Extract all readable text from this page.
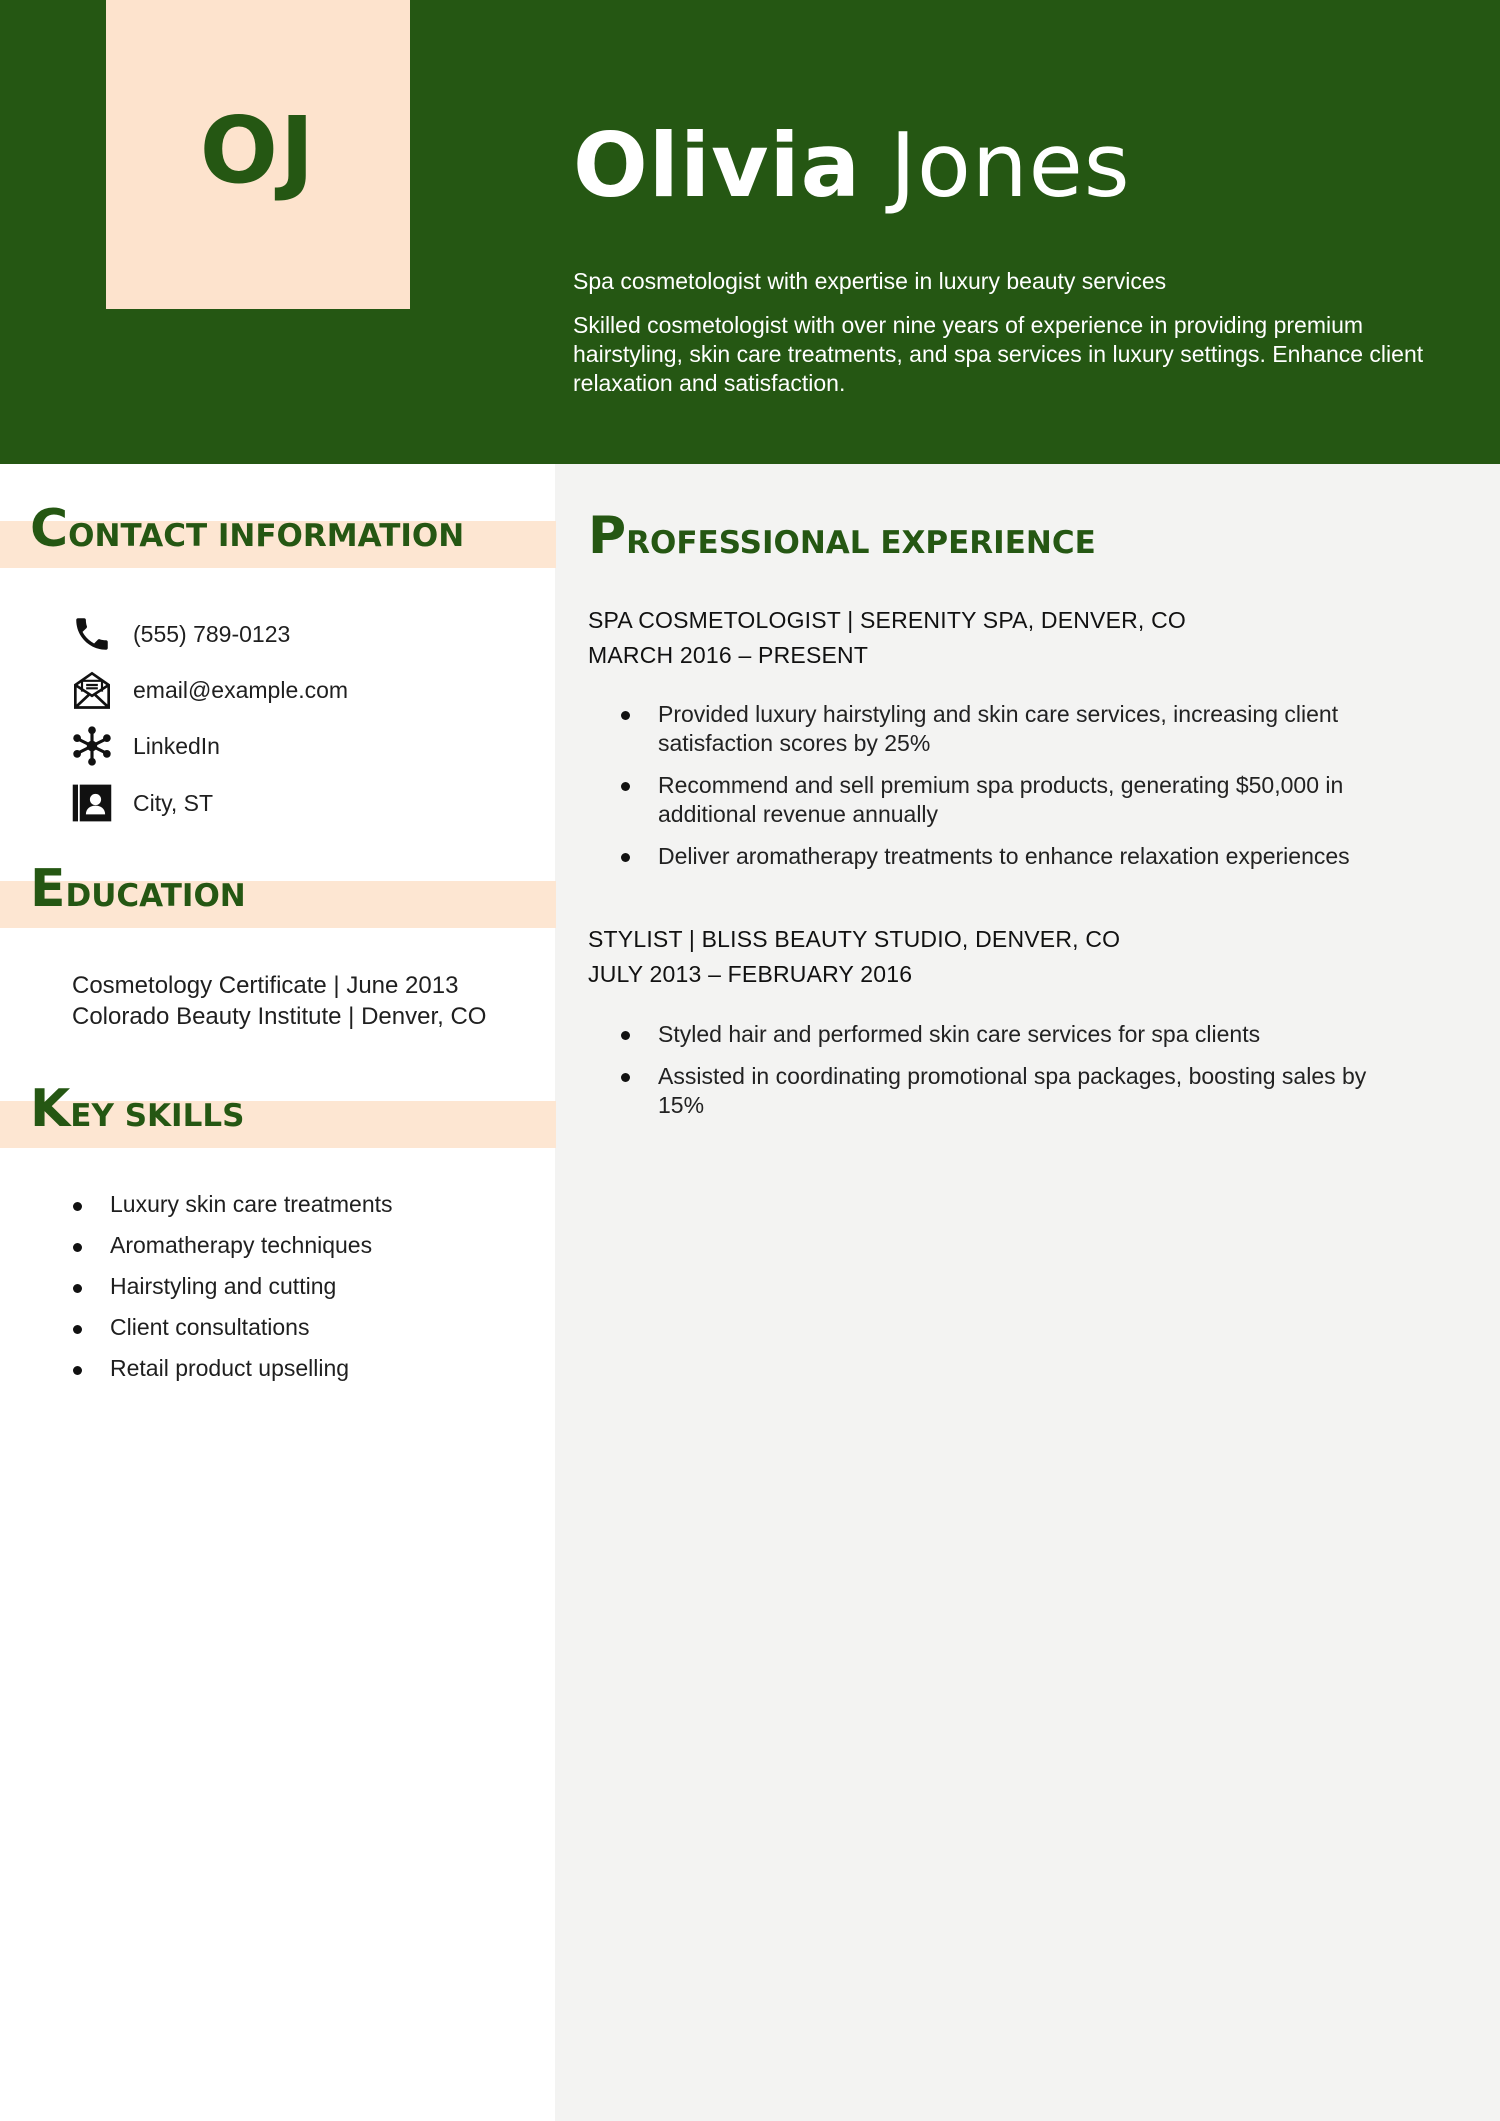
OJ	Olivia Jones
Spa cosmetologist with expertise in luxury beauty services
Skilled cosmetologist with over nine years of experience in providing premium hairstyling, skin care treatments, and spa services in luxury settings. Enhance client relaxation and satisfaction.
CONTACT INFORMATION
(555) 789-0123
email@example.com
LinkedIn
City, ST
EDUCATION
Cosmetology Certificate | June 2013
Colorado Beauty Institute | Denver, CO
KEY SKILLS
Luxury skin care treatments
Aromatherapy techniques
Hairstyling and cutting
Client consultations
Retail product upselling
PROFESSIONAL EXPERIENCE
SPA COSMETOLOGIST | SERENITY SPA, DENVER, CO
MARCH 2016 – PRESENT
Provided luxury hairstyling and skin care services, increasing client satisfaction scores by 25%
Recommend and sell premium spa products, generating $50,000 in additional revenue annually
Deliver aromatherapy treatments to enhance relaxation experiences
STYLIST | BLISS BEAUTY STUDIO, DENVER, CO
JULY 2013 – FEBRUARY 2016
Styled hair and performed skin care services for spa clients
Assisted in coordinating promotional spa packages, boosting sales by 15%
